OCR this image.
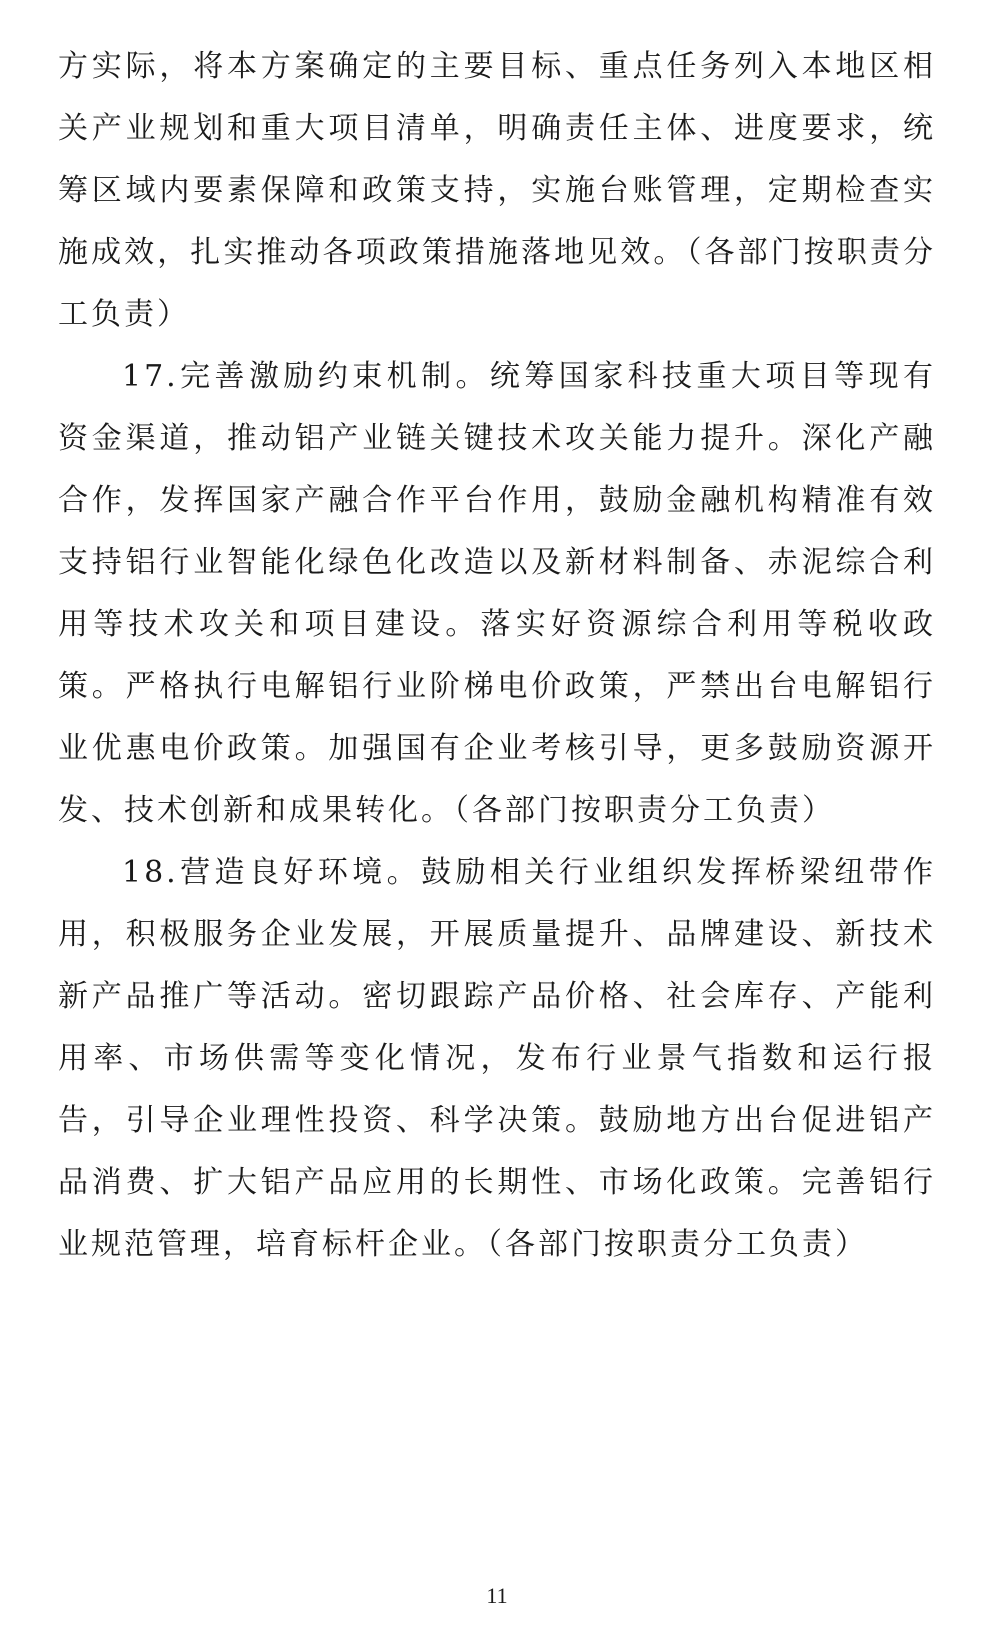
方实际，将本方案确定的主要目标、重点任务列入本地区相关产业规划和重大项目清单，明确责任主体、进度要求，统筹区域内要素保障和政策支持，实施台账管理，定期检查实施成效，扎实推动各项政策措施落地见效。（各部门按职责分工负责）

17.完善激励约束机制。统筹国家科技重大项目等现有资金渠道，推动铝产业链关键技术攻关能力提升。深化产融合作，发挥国家产融合作平台作用，鼓励金融机构精准有效支持铝行业智能化绿色化改造以及新材料制备、赤泥综合利用等技术攻关和项目建设。落实好资源综合利用等税收政策。严格执行电解铝行业阶梯电价政策，严禁出台电解铝行业优惠电价政策。加强国有企业考核引导，更多鼓励资源开发、技术创新和成果转化。（各部门按职责分工负责）

18.营造良好环境。鼓励相关行业组织发挥桥梁纽带作用，积极服务企业发展，开展质量提升、品牌建设、新技术新产品推广等活动。密切跟踪产品价格、社会库存、产能利用率、市场供需等变化情况，发布行业景气指数和运行报告，引导企业理性投资、科学决策。鼓励地方出台促进铝产品消费、扩大铝产品应用的长期性、市场化政策。完善铝行业规范管理，培育标杆企业。（各部门按职责分工负责）

11
